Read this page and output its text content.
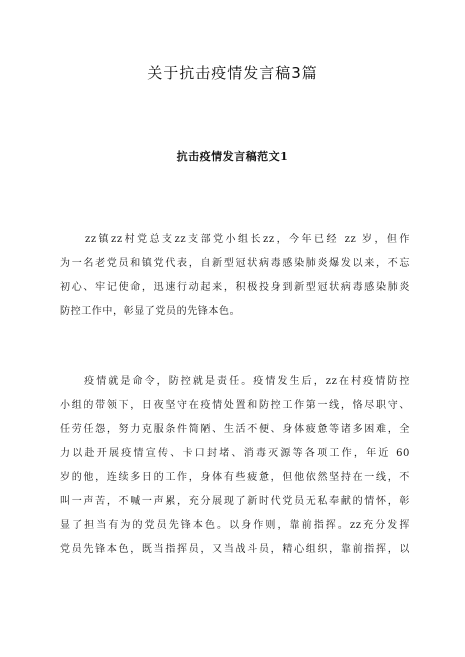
关于抗击疫情发言稿3篇
抗击疫情发言稿范文1
　　zz镇zz村党总支zz支部党小组长zz，今年已经 zz 岁，但作
为一名老党员和镇党代表，自新型冠状病毒感染肺炎爆发以来，不忘
初心、牢记使命，迅速行动起来，积极投身到新型冠状病毒感染肺炎
防控工作中，彰显了党员的先锋本色。
　　疫情就是命令，防控就是责任。疫情发生后，zz在村疫情防控
小组的带领下，日夜坚守在疫情处置和防控工作第一线，恪尽职守、
任劳任怨，努力克服条件简陋、生活不便、身体疲惫等诸多困难，全
力以赴开展疫情宣传、卡口封堵、消毒灭源等各项工作，年近 60
岁的他，连续多日的工作，身体有些疲惫，但他依然坚持在一线，不
叫一声苦，不喊一声累，充分展现了新时代党员无私奉献的情怀，彰
显了担当有为的党员先锋本色。以身作则，靠前指挥。zz充分发挥
党员先锋本色，既当指挥员，又当战斗员，精心组织，靠前指挥，以
